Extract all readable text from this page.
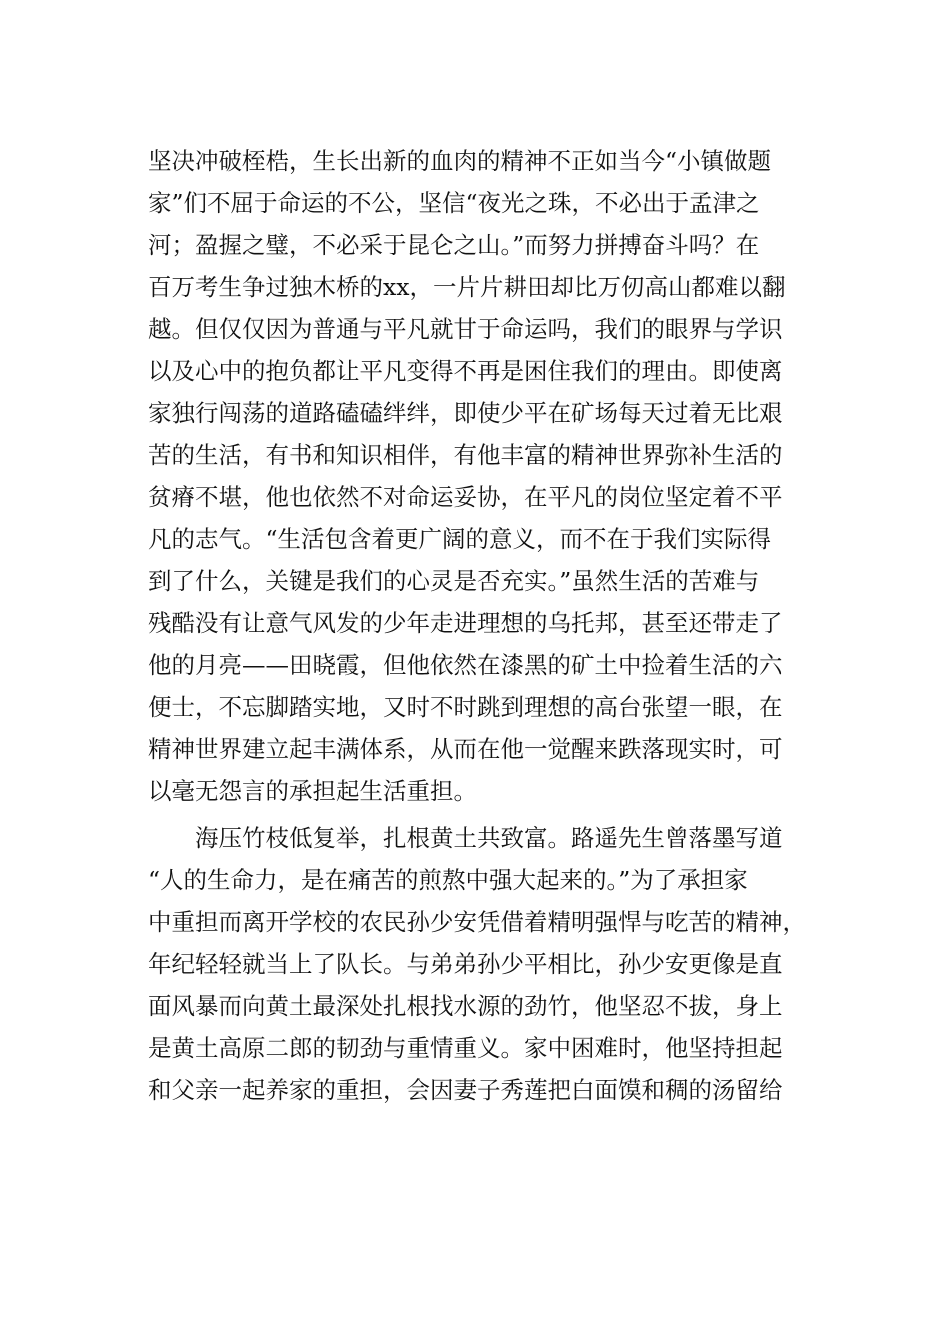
坚决冲破桎梏，生长出新的血肉的精神不正如当今“小镇做题
家”们不屈于命运的不公，坚信“夜光之珠，不必出于孟津之
河；盈握之璧，不必采于昆仑之山。”而努力拼搏奋斗吗？在
百万考生争过独木桥的xx，一片片耕田却比万仞高山都难以翻
越。但仅仅因为普通与平凡就甘于命运吗，我们的眼界与学识
以及心中的抱负都让平凡变得不再是困住我们的理由。即使离
家独行闯荡的道路磕磕绊绊，即使少平在矿场每天过着无比艰
苦的生活，有书和知识相伴，有他丰富的精神世界弥补生活的
贫瘠不堪，他也依然不对命运妥协，在平凡的岗位坚定着不平
凡的志气。“生活包含着更广阔的意义，而不在于我们实际得
到了什么，关键是我们的心灵是否充实。”虽然生活的苦难与
残酷没有让意气风发的少年走进理想的乌托邦，甚至还带走了
他的月亮——田晓霞，但他依然在漆黑的矿土中捡着生活的六
便士，不忘脚踏实地，又时不时跳到理想的高台张望一眼，在
精神世界建立起丰满体系，从而在他一觉醒来跌落现实时，可
以毫无怨言的承担起生活重担。
海压竹枝低复举，扎根黄土共致富。路遥先生曾落墨写道
“人的生命力，是在痛苦的煎熬中强大起来的。”为了承担家
中重担而离开学校的农民孙少安凭借着精明强悍与吃苦的精神，
年纪轻轻就当上了队长。与弟弟孙少平相比，孙少安更像是直
面风暴而向黄土最深处扎根找水源的劲竹，他坚忍不拔，身上
是黄土高原二郎的韧劲与重情重义。家中困难时，他坚持担起
和父亲一起养家的重担，会因妻子秀莲把白面馍和稠的汤留给
